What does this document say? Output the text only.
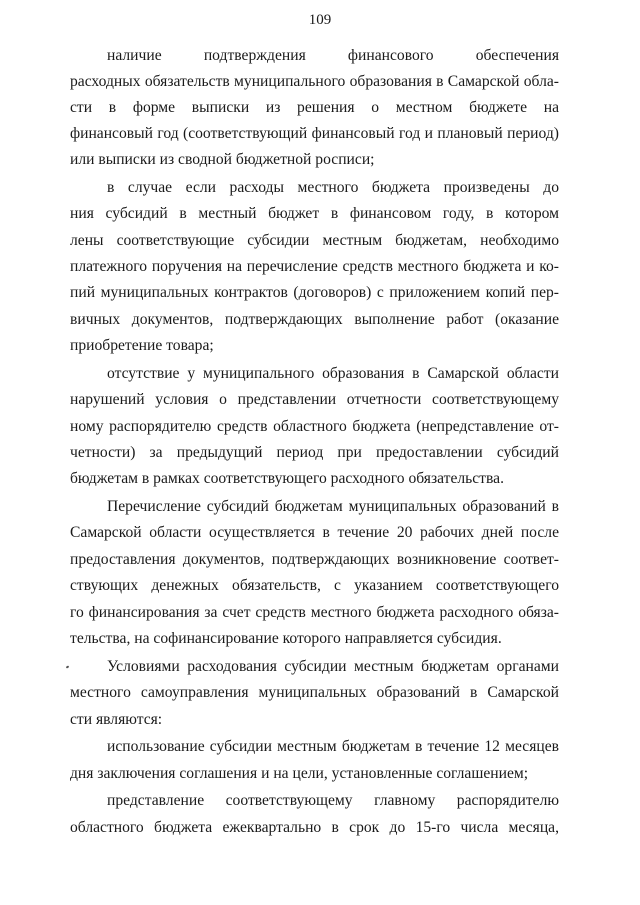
109
наличие подтверждения финансового обеспечения
расходных обязательств муниципального образования в Самарской обла-
сти в форме выписки из решения о местном бюджете на
финансовый год (соответствующий финансовый год и плановый период)
или выписки из сводной бюджетной росписи;
в случае если расходы местного бюджета произведены до
ния субсидий в местный бюджет в финансовом году, в котором
лены соответствующие субсидии местным бюджетам, необходимо
платежного поручения на перечисление средств местного бюджета и ко-
пий муниципальных контрактов (договоров) с приложением копий пер-
вичных документов, подтверждающих выполнение работ (оказание
приобретение товара;
отсутствие у муниципального образования в Самарской области
нарушений условия о представлении отчетности соответствующему
ному распорядителю средств областного бюджета (непредставление от-
четности) за предыдущий период при предоставлении субсидий
бюджетам в рамках соответствующего расходного обязательства.
Перечисление субсидий бюджетам муниципальных образований в
Самарской области осуществляется в течение 20 рабочих дней после
предоставления документов, подтверждающих возникновение соответ-
ствующих денежных обязательств, с указанием соответствующего
го финансирования за счет средств местного бюджета расходного обяза-
тельства, на софинансирование которого направляется субсидия.
Условиями расходования субсидии местным бюджетам органами
местного самоуправления муниципальных образований в Самарской
сти являются:
использование субсидии местным бюджетам в течение 12 месяцев
дня заключения соглашения и на цели, установленные соглашением;
представление соответствующему главному распорядителю
областного бюджета ежеквартально в срок до 15-го числа месяца,
